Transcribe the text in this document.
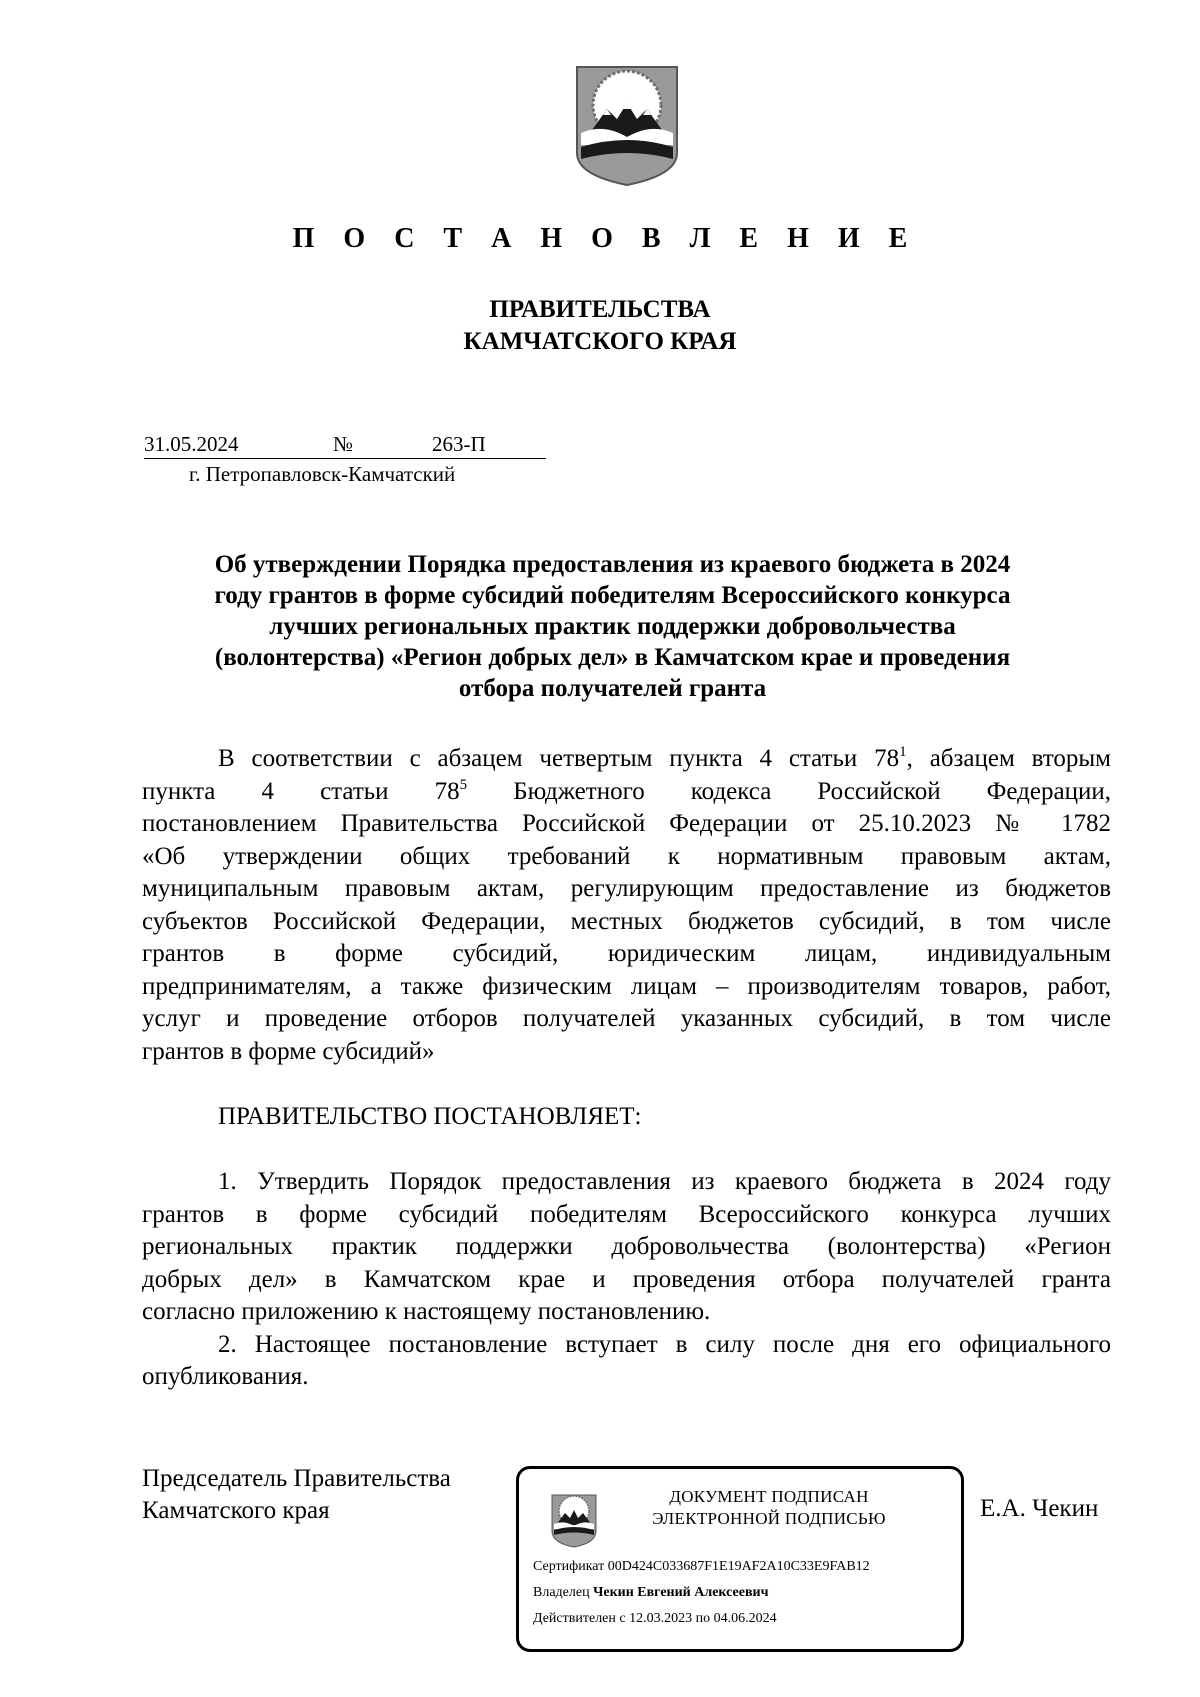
П О С Т А Н О В Л Е Н И Е
ПРАВИТЕЛЬСТВА
КАМЧАТСКОГО КРАЯ
31.05.2024	№	263-П
г. Петропавловск-Камчатский
Об утверждении Порядка предоставления из краевого бюджета в 2024
году грантов в форме субсидий победителям Всероссийского конкурса
лучших региональных практик поддержки добровольчества
(волонтерства) «Регион добрых дел» в Камчатском крае и проведения
отбора получателей гранта
В соответствии с абзацем четвертым пункта 4 статьи $78^1$, абзацем вторым
пункта 4 статьи $78^5$ Бюджетного кодекса Российской Федерации,
постановлением Правительства Российской Федерации от 25.10.2023 № 1782
«Об утверждении общих требований к нормативным правовым актам,
муниципальным правовым актам, регулирующим предоставление из бюджетов
субъектов Российской Федерации, местных бюджетов субсидий, в том числе
грантов в форме субсидий, юридическим лицам, индивидуальным
предпринимателям, а также физическим лицам – производителям товаров, работ,
услуг и проведение отборов получателей указанных субсидий, в том числе
грантов в форме субсидий»
ПРАВИТЕЛЬСТВО ПОСТАНОВЛЯЕТ:
1. Утвердить Порядок предоставления из краевого бюджета в 2024 году
грантов в форме субсидий победителям Всероссийского конкурса лучших
региональных практик поддержки добровольчества (волонтерства) «Регион
добрых дел» в Камчатском крае и проведения отбора получателей гранта
согласно приложению к настоящему постановлению.
2. Настоящее постановление вступает в силу после дня его официального
опубликования.
Председатель Правительства
Камчатского края	Е.А. Чекин
ДОКУМЕНТ ПОДПИСАН
ЭЛЕКТРОННОЙ ПОДПИСЬЮ
Сертификат 00D424C033687F1E19AF2A10C33E9FAB12
Владелец Чекин Евгений Алексеевич
Действителен с 12.03.2023 по 04.06.2024
